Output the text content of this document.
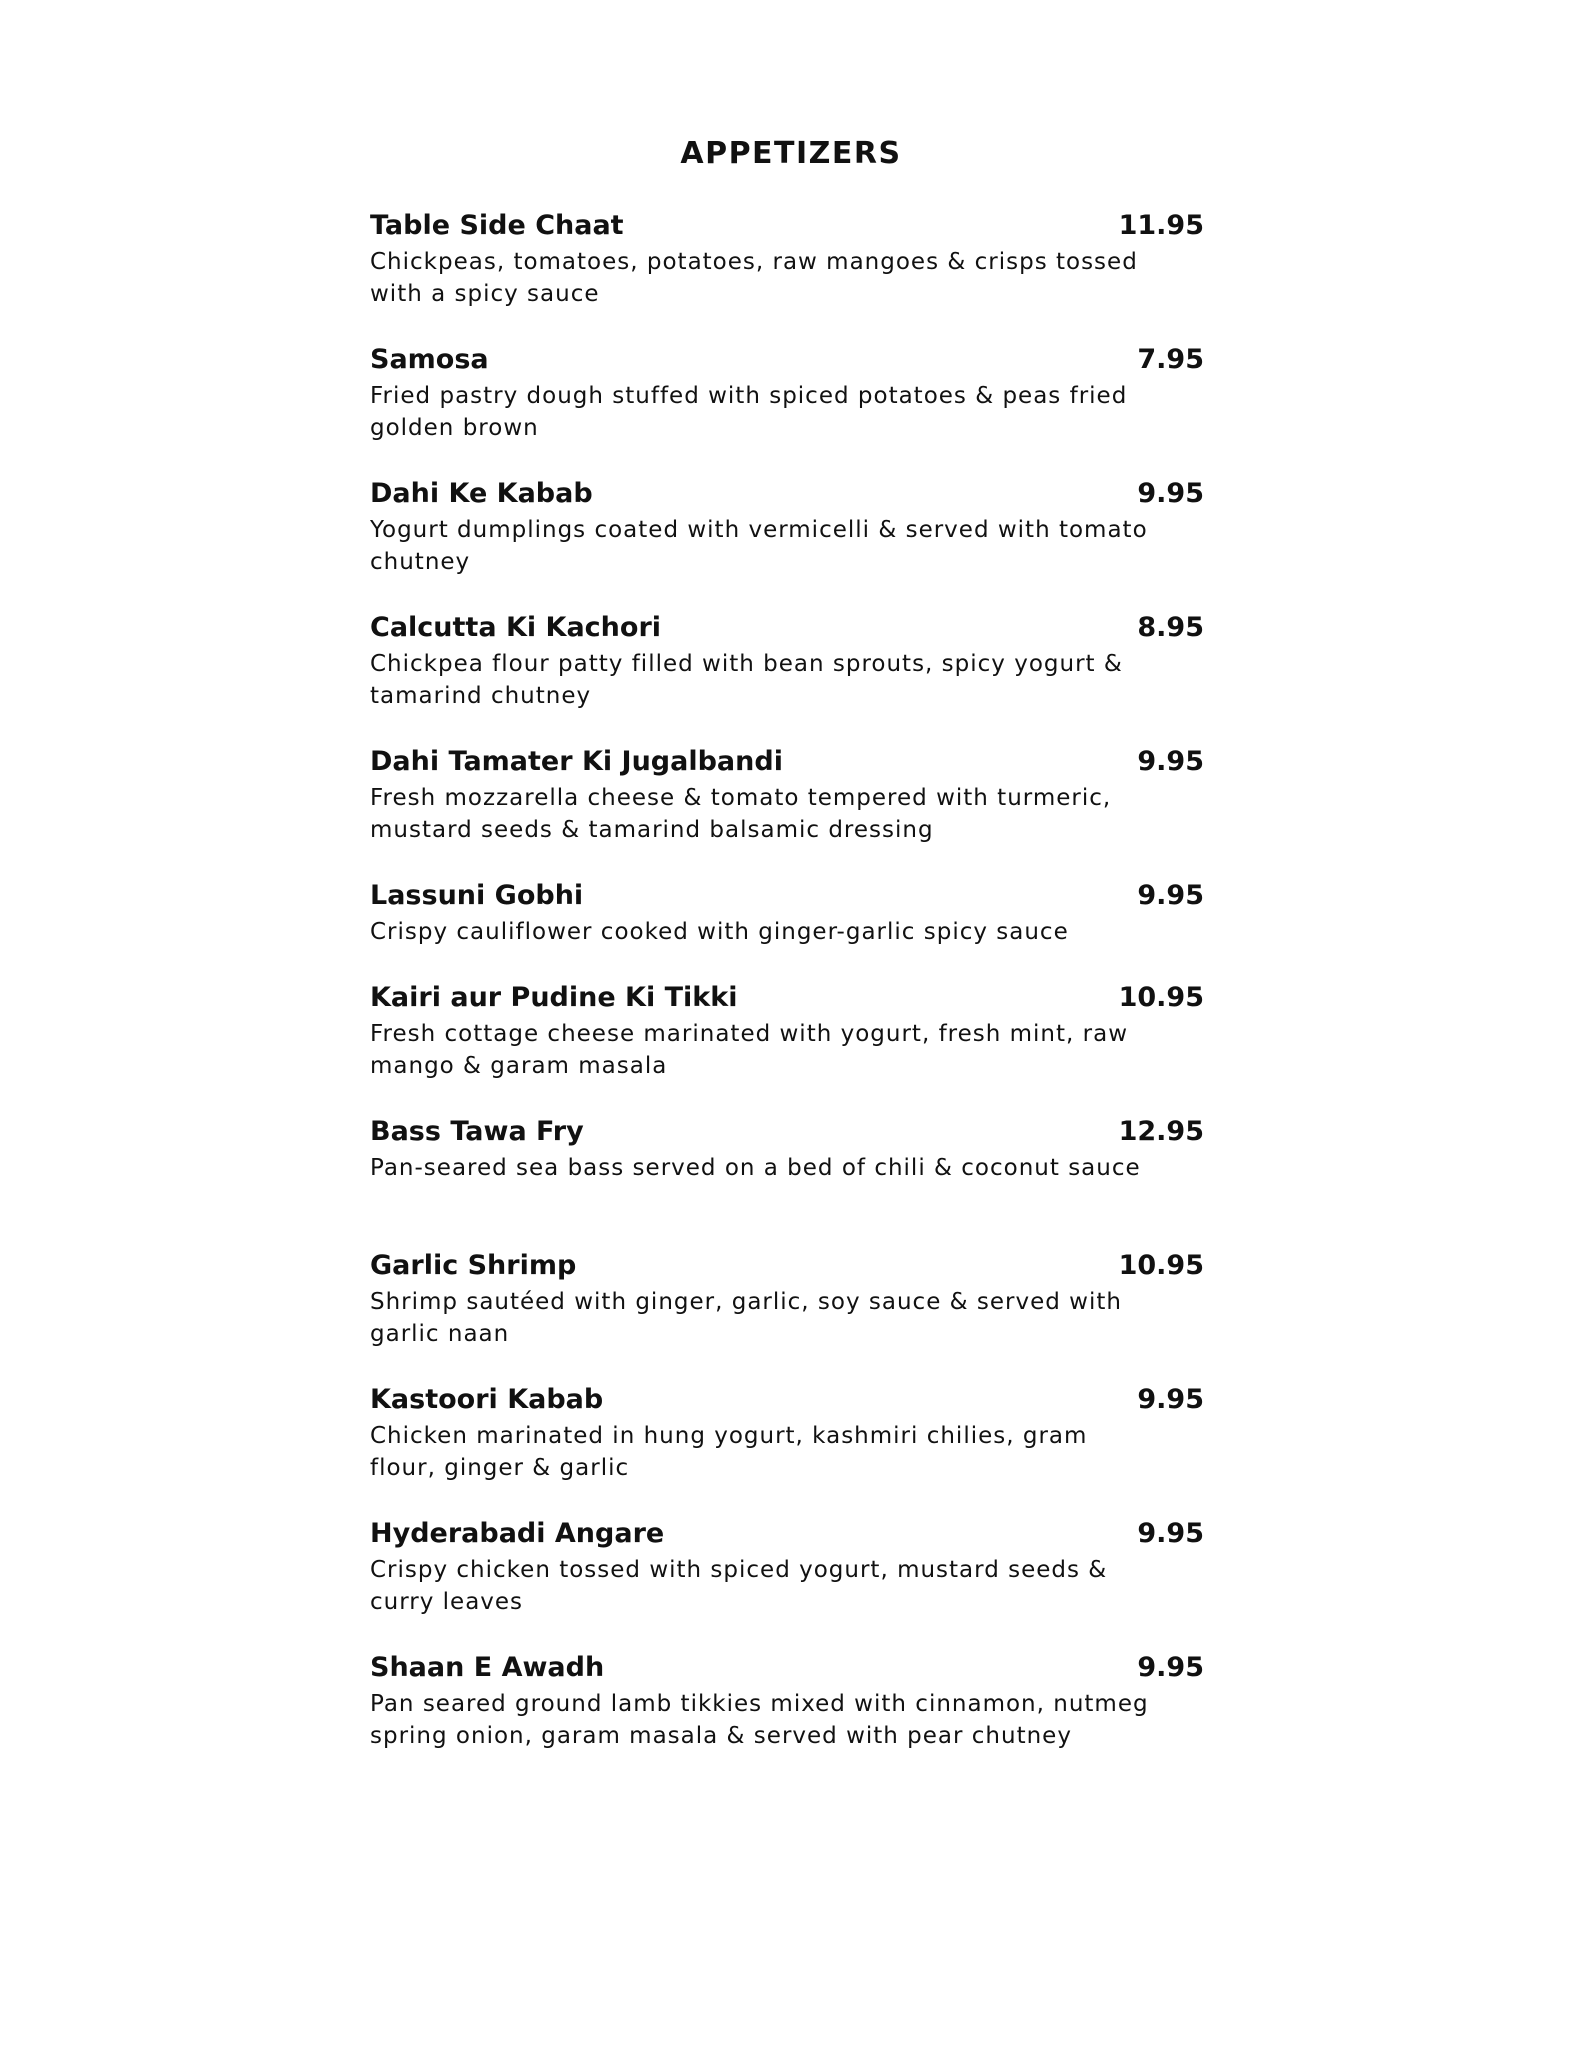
APPETIZERS
Table Side Chaat	11.95

Chickpeas, tomatoes, potatoes, raw mangoes & crisps tossed with a spicy sauce

Samosa	7.95

Fried pastry dough stuffed with spiced potatoes & peas fried golden brown

Dahi Ke Kabab	9.95

Yogurt dumplings coated with vermicelli & served with tomato chutney

Calcutta Ki Kachori	8.95

Chickpea flour patty filled with bean sprouts, spicy yogurt & tamarind chutney

Dahi Tamater Ki Jugalbandi	9.95

Fresh mozzarella cheese & tomato tempered with turmeric, mustard seeds & tamarind balsamic dressing

Lassuni Gobhi	9.95

Crispy cauliflower cooked with ginger-garlic spicy sauce

Kairi aur Pudine Ki Tikki	10.95

Fresh cottage cheese marinated with yogurt, fresh mint, raw mango & garam masala

Bass Tawa Fry	12.95

Pan-seared sea bass served on a bed of chili & coconut sauce

Garlic Shrimp	10.95

Shrimp sautéed with ginger, garlic, soy sauce & served with garlic naan

Kastoori Kabab	9.95

Chicken marinated in hung yogurt, kashmiri chilies, gram flour, ginger & garlic

Hyderabadi Angare	9.95

Crispy chicken tossed with spiced yogurt, mustard seeds & curry leaves

Shaan E Awadh	9.95

Pan seared ground lamb tikkies mixed with cinnamon, nutmeg spring onion, garam masala & served with pear chutney
